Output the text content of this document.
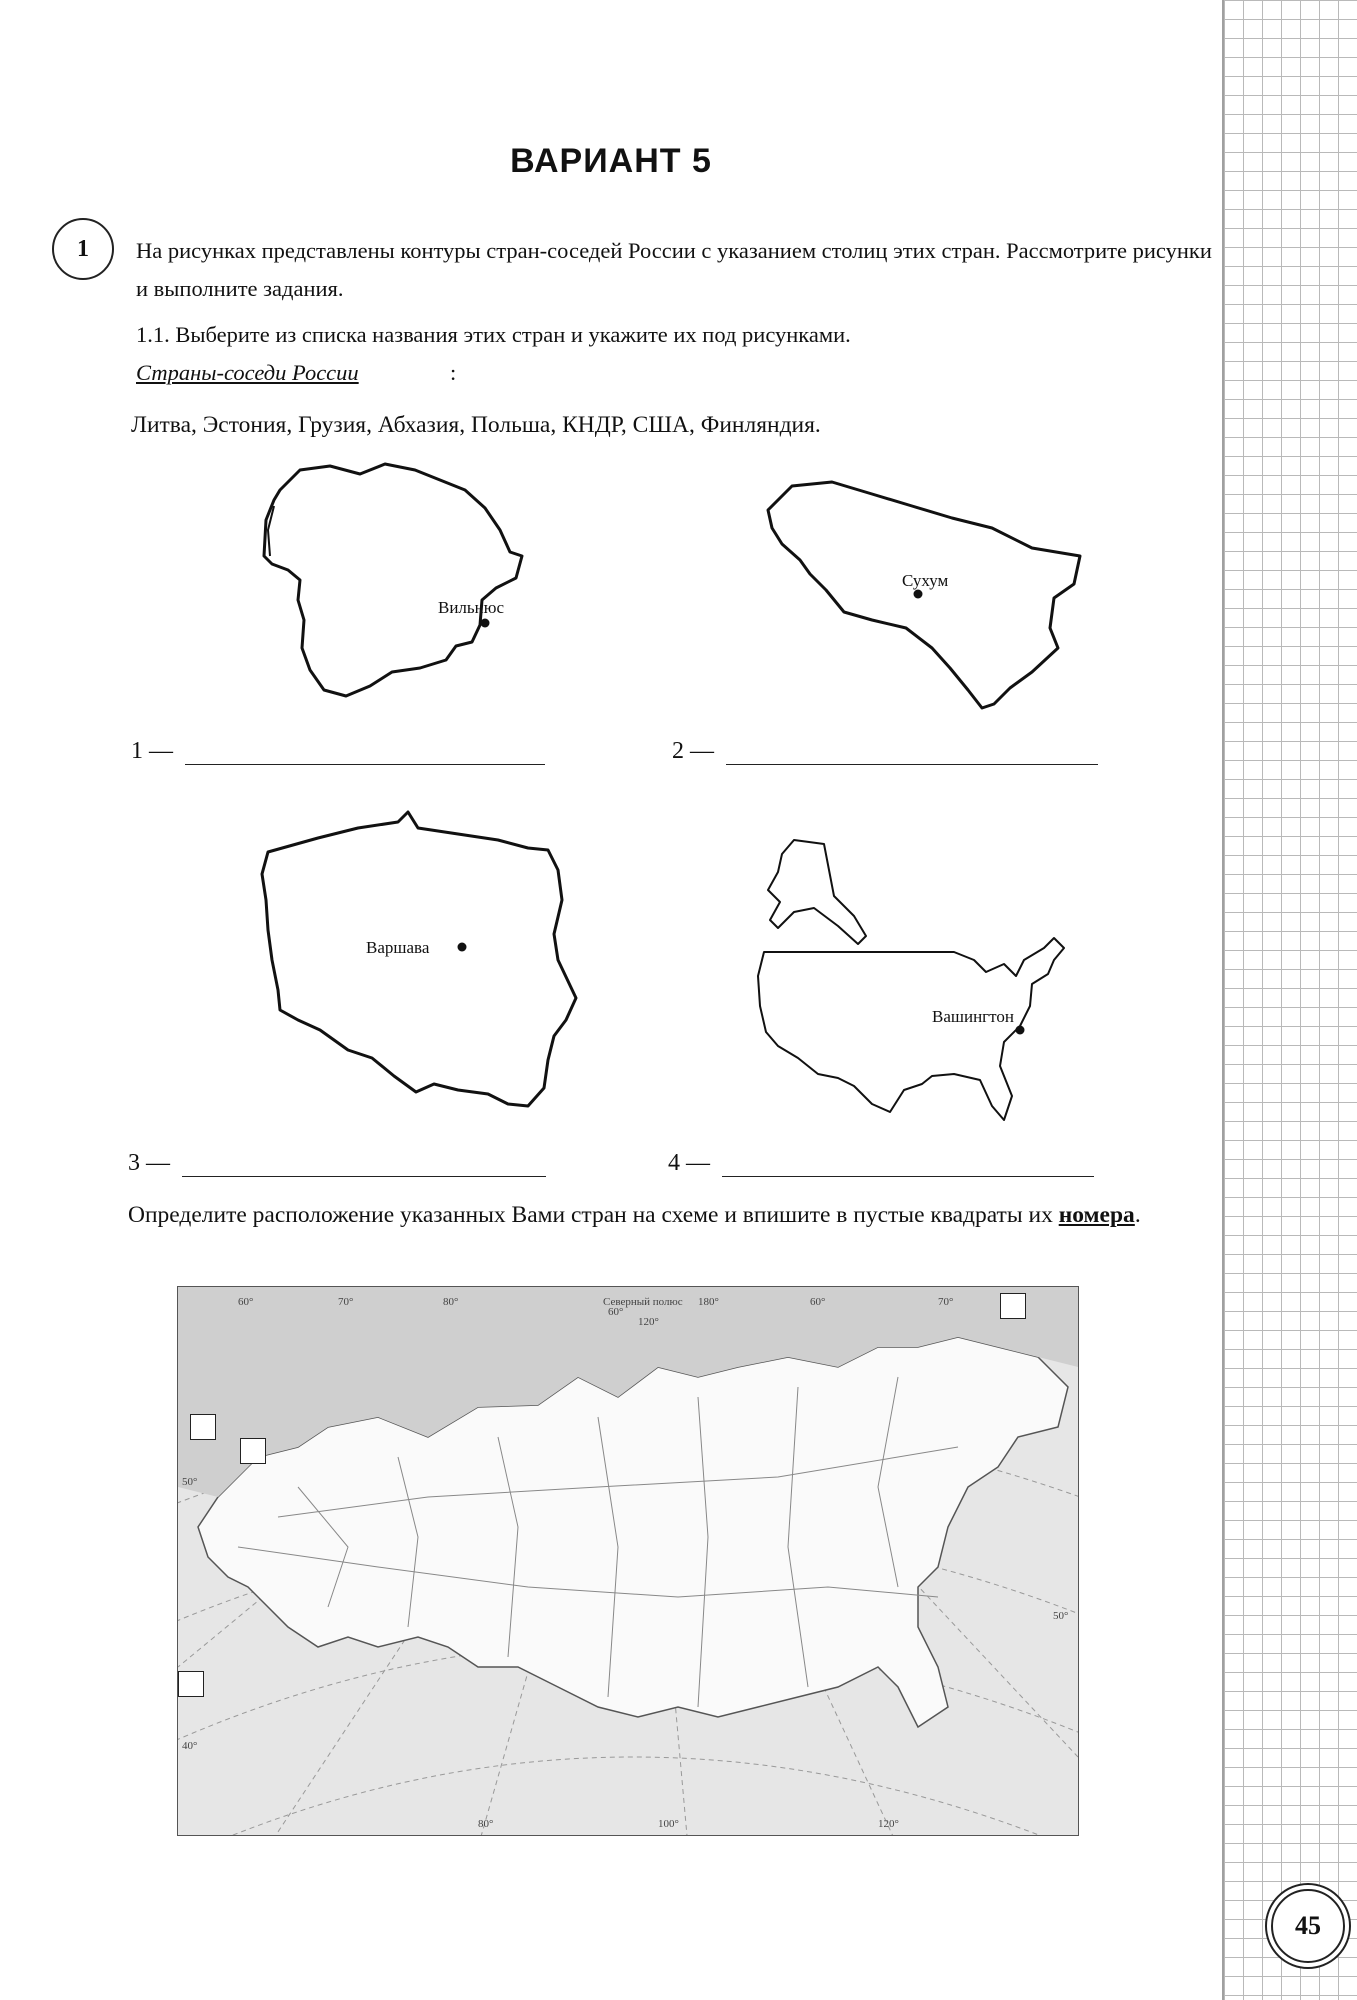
ВАРИАНТ 5
1	На рисунках представлены контуры стран-соседей России с указанием столиц этих стран. Рассмотрите рисунки и выполните задания.
1.1. Выберите из списка названия этих стран и укажите их под рисунками.
Страны-соседи России	:
Литва, Эстония, Грузия, Абхазия, Польша, КНДР, США, Финляндия.
Вильнюс
Сухум
1 —	2 —
Варшава
Вашингтон
3 —	4 —
Определите расположение указанных Вами стран на схеме и впишите в пустые квадраты их номера.
60°	70°	80°	Северный полюс 180°	60°
120°
60°
70°
50°
40°
80°	100°	120°
50°
45
